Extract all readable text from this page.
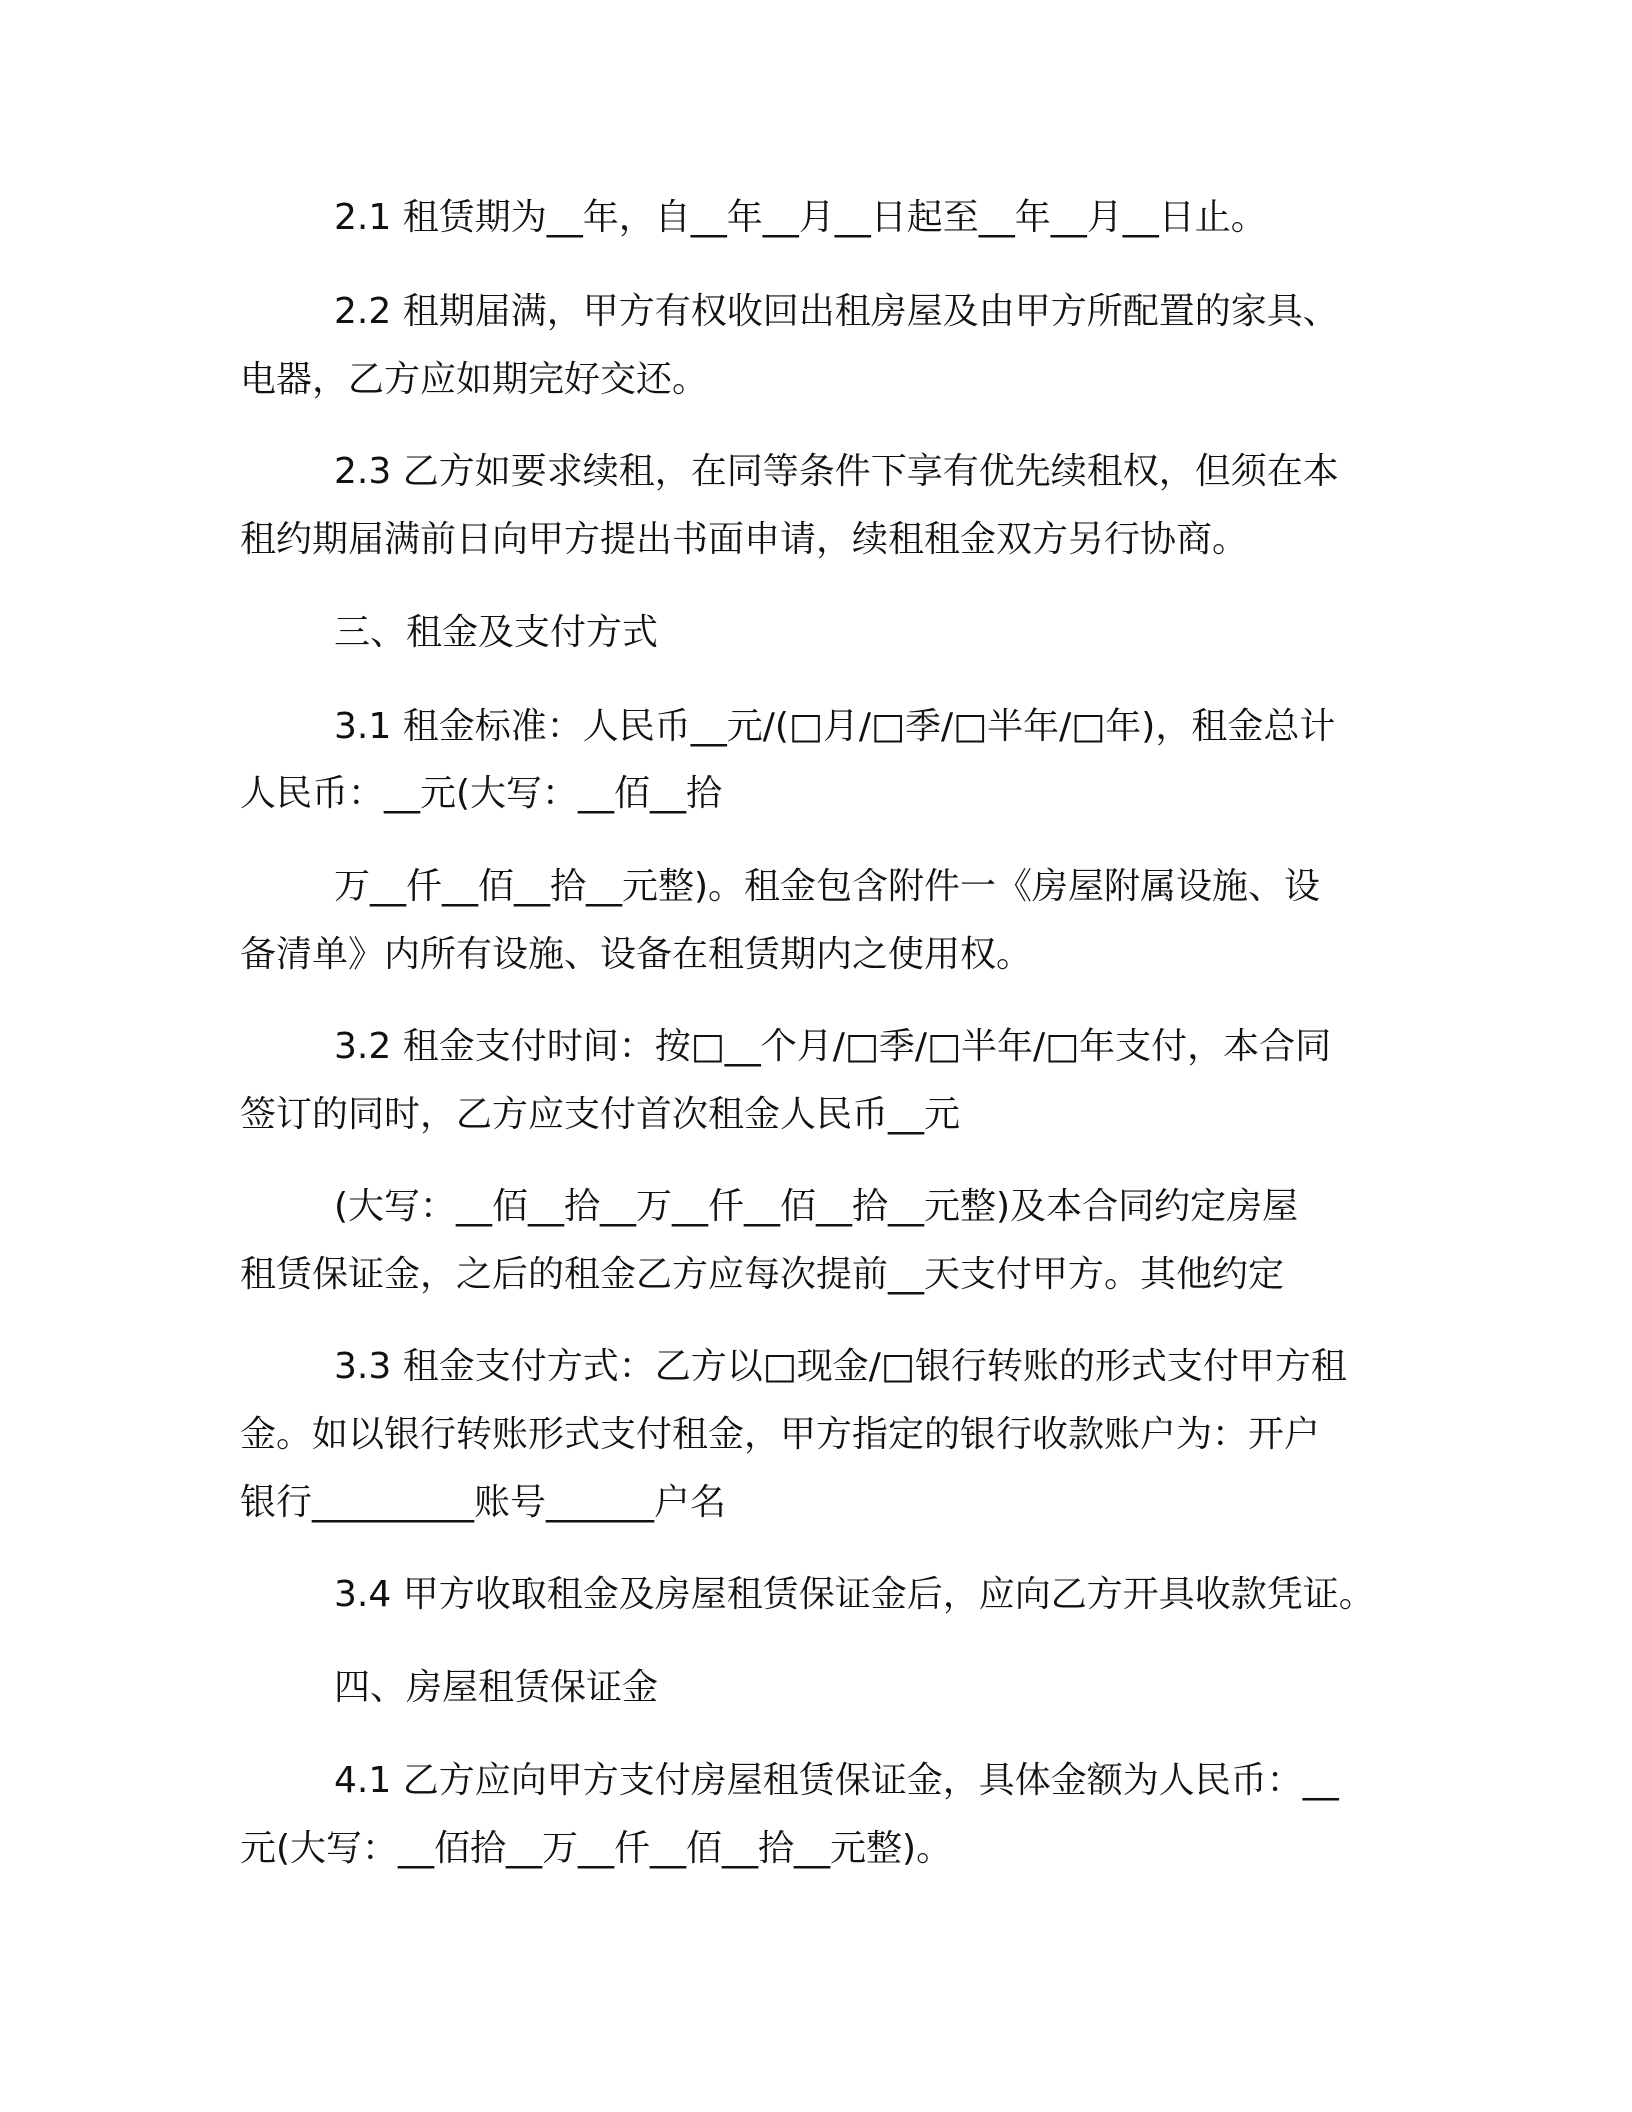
2.1 租赁期为__年，自__年__月__日起至__年__月__日止。
2.2 租期届满，甲方有权收回出租房屋及由甲方所配置的家具、
电器，乙方应如期完好交还。
2.3 乙方如要求续租，在同等条件下享有优先续租权，但须在本
租约期届满前日向甲方提出书面申请，续租租金双方另行协商。
三、租金及支付方式
3.1 租金标准：人民币__元/(□月/□季/□半年/□年)，租金总计
人民币：__元(大写：__佰__拾
万__仟__佰__拾__元整)。租金包含附件一《房屋附属设施、设
备清单》内所有设施、设备在租赁期内之使用权。
3.2 租金支付时间：按□__个月/□季/□半年/□年支付，本合同
签订的同时，乙方应支付首次租金人民币__元
(大写：__佰__拾__万__仟__佰__拾__元整)及本合同约定房屋
租赁保证金，之后的租金乙方应每次提前__天支付甲方。其他约定
3.3 租金支付方式：乙方以□现金/□银行转账的形式支付甲方租
金。如以银行转账形式支付租金，甲方指定的银行收款账户为：开户
银行_________账号______户名
3.4 甲方收取租金及房屋租赁保证金后，应向乙方开具收款凭证。
四、房屋租赁保证金
4.1 乙方应向甲方支付房屋租赁保证金，具体金额为人民币：__
元(大写：__佰拾__万__仟__佰__拾__元整)。
